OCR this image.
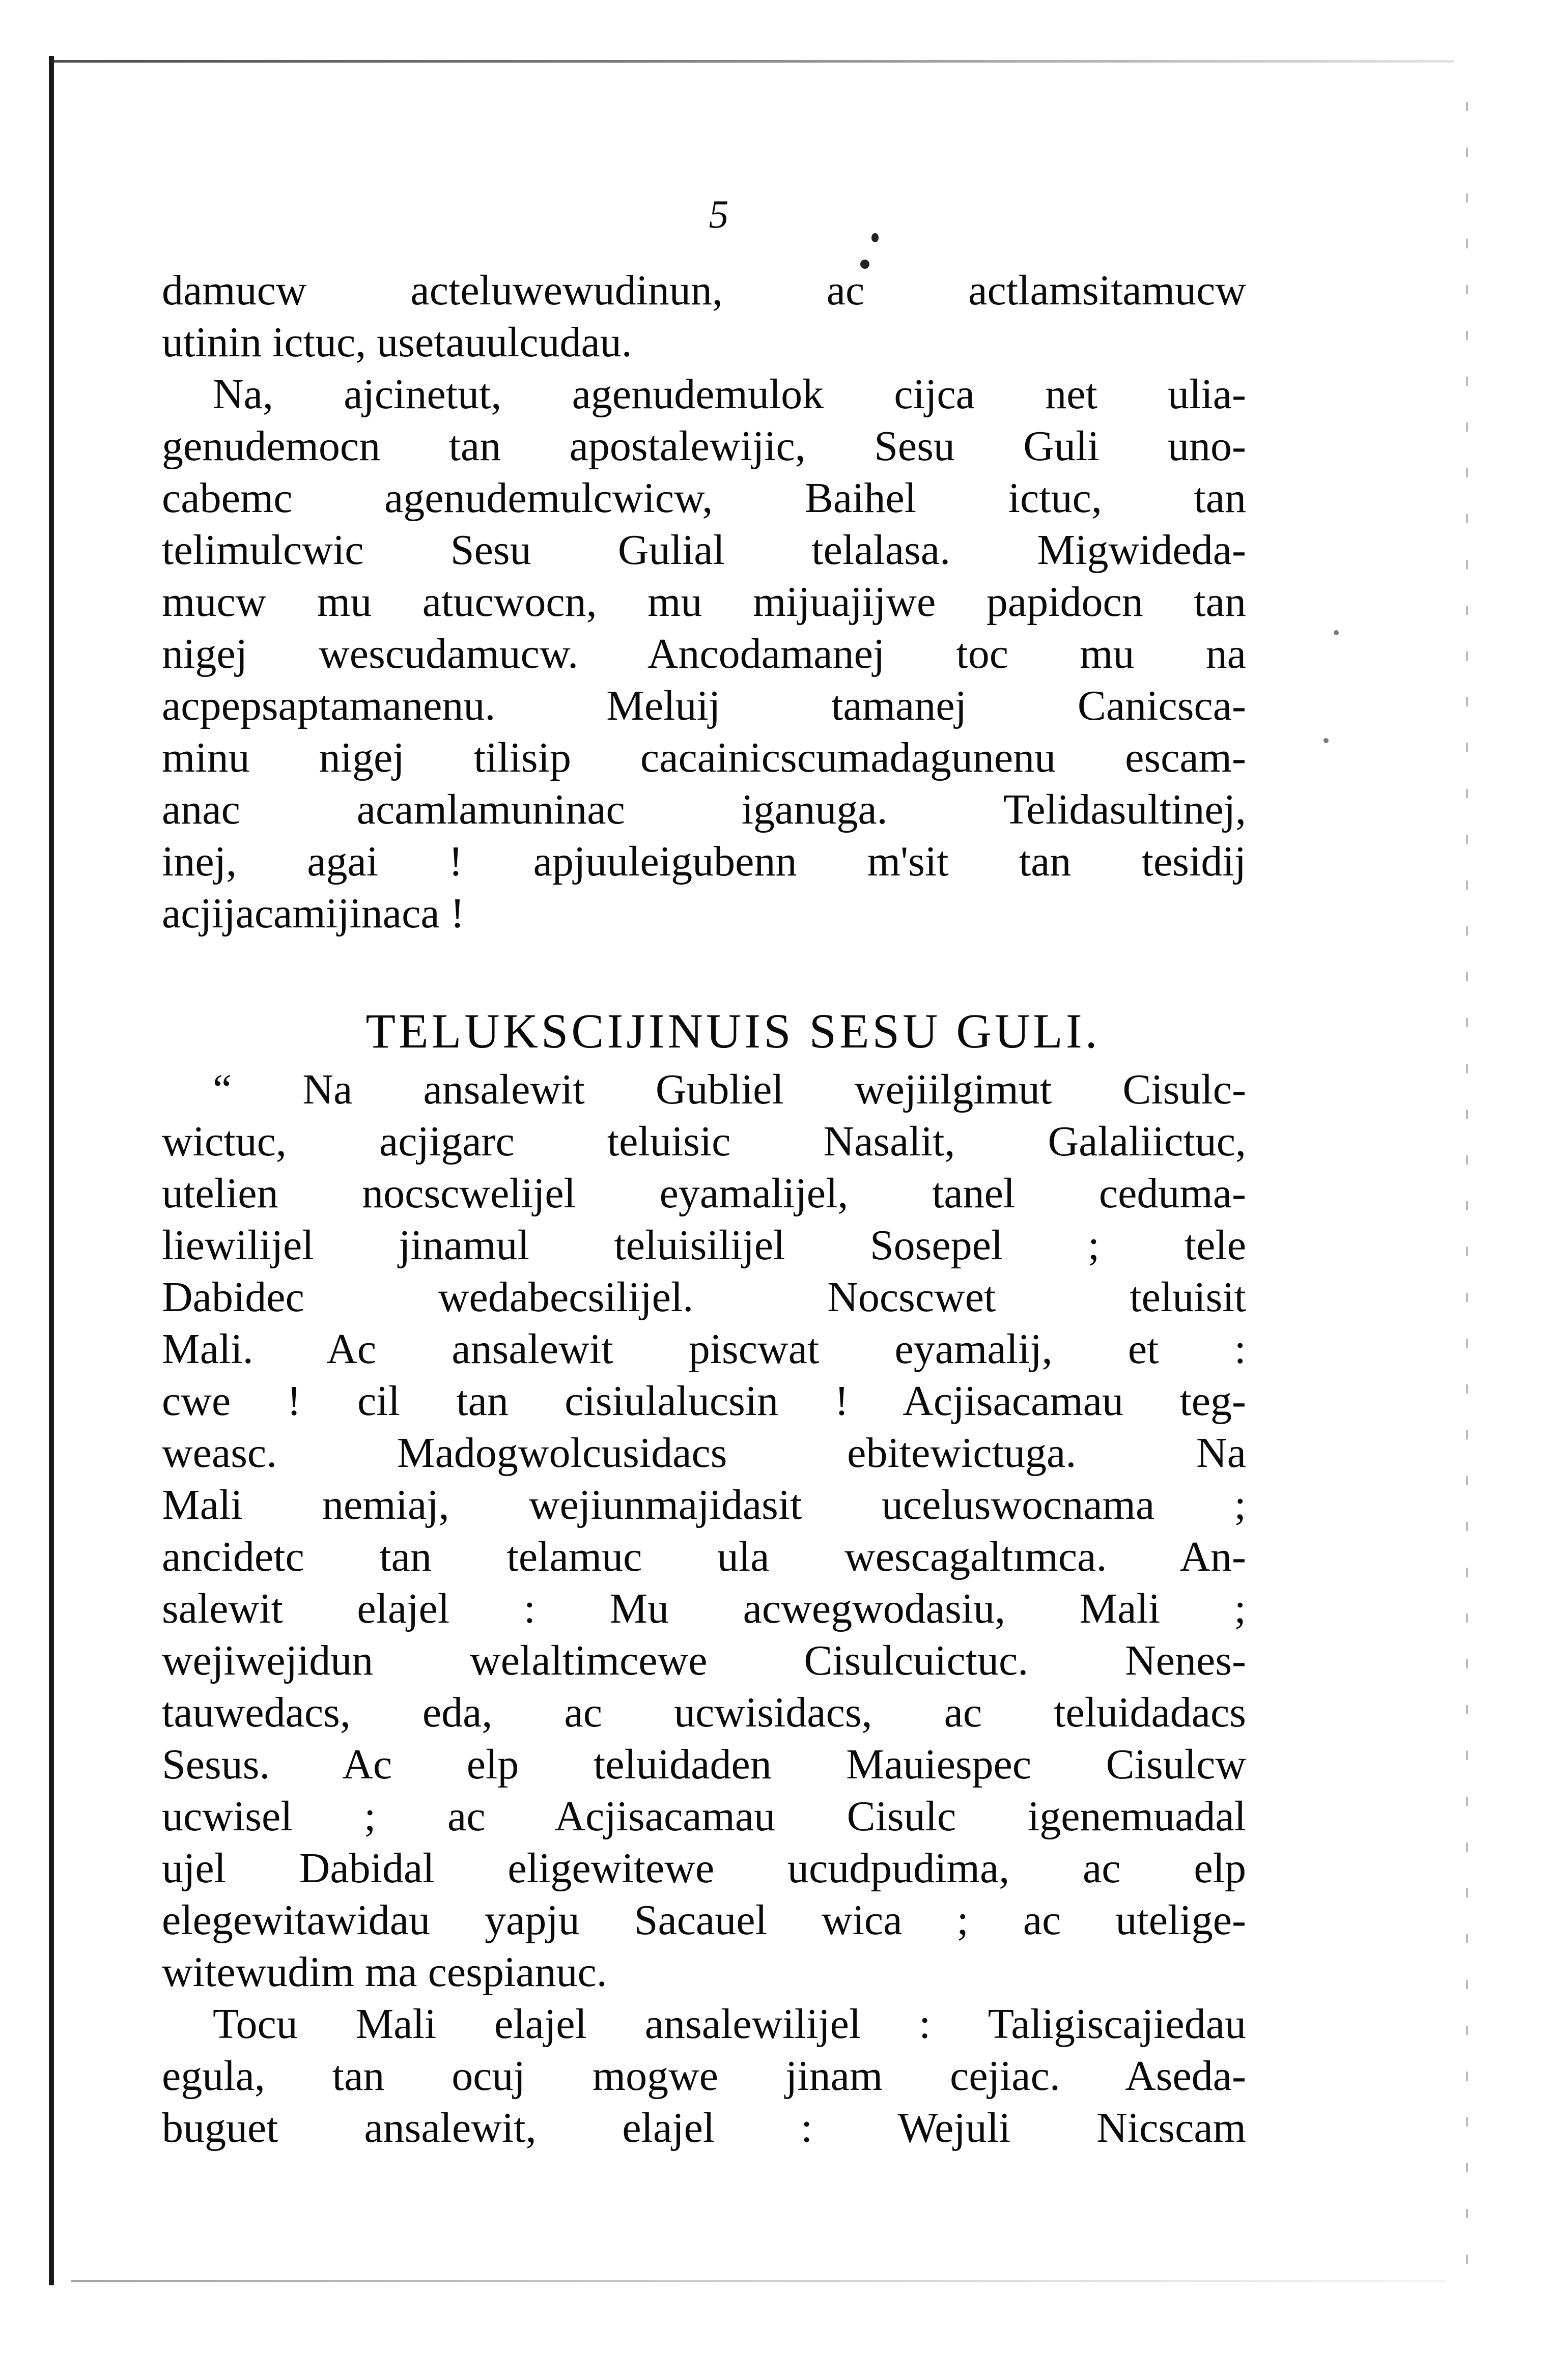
5
damucw acteluwewudinun, ac actlamsitamucw
utinin ictuc, usetauulcudau.
Na, ajcinetut, agenudemulok cijca net ulia-
genudemocn tan apostalewijic, Sesu Guli uno-
cabemc agenudemulcwicw, Baihel ictuc, tan
telimulcwic Sesu Gulial telalasa. Migwideda-
mucw mu atucwocn, mu mijuajijwe papidocn tan
nigej wescudamucw. Ancodamanej toc mu na
acpepsaptamanenu. Meluij tamanej Canicsca-
minu nigej tilisip cacainicscumadagunenu escam-
anac acamlamuninac iganuga. Telidasultinej,
inej, agai ! apjuuleigubenn m'sit tan tesidij
acjijacamijinaca !
TELUKSCIJINUIS SESU GULI.
“ Na ansalewit Gubliel wejiilgimut Cisulc-
wictuc, acjigarc teluisic Nasalit, Galaliictuc,
utelien nocscwelijel eyamalijel, tanel ceduma-
liewilijel jinamul teluisilijel Sosepel ; tele
Dabidec wedabecsilijel. Nocscwet teluisit
Mali. Ac ansalewit piscwat eyamalij, et :
cwe ! cil tan cisiulalucsin ! Acjisacamau teg-
weasc. Madogwolcusidacs ebitewictuga. Na
Mali nemiaj, wejiunmajidasit uceluswocnama ;
ancidetc tan telamuc ula wescagaltımca. An-
salewit elajel : Mu acwegwodasiu, Mali ;
wejiwejidun welaltimcewe Cisulcuictuc. Nenes-
tauwedacs, eda, ac ucwisidacs, ac teluidadacs
Sesus. Ac elp teluidaden Mauiespec Cisulcw
ucwisel ; ac Acjisacamau Cisulc igenemuadal
ujel Dabidal eligewitewe ucudpudima, ac elp
elegewitawidau yapju Sacauel wica ; ac utelige-
witewudim ma cespianuc.
Tocu Mali elajel ansalewilijel : Taligiscajiedau
egula, tan ocuj mogwe jinam cejiac. Aseda-
buguet ansalewit, elajel : Wejuli Nicscam
